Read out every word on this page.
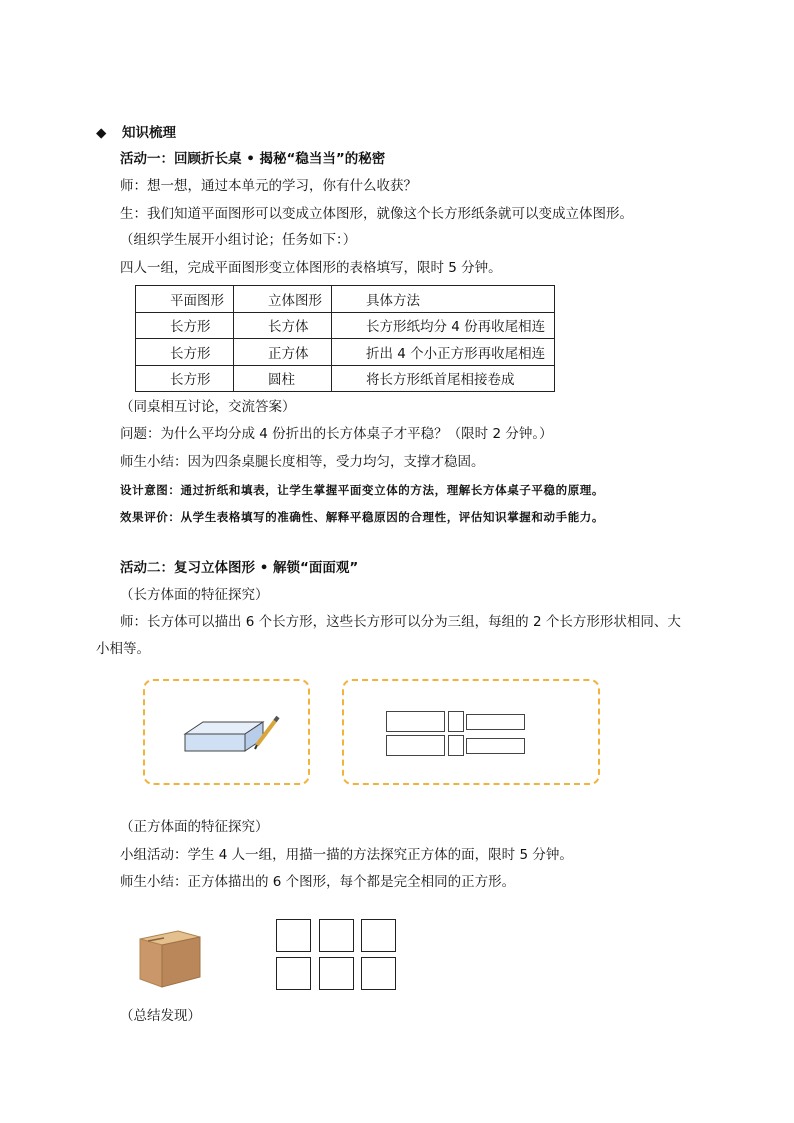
◆ 知识梳理
活动一：回顾折长桌 • 揭秘“稳当当”的秘密
师：想一想，通过本单元的学习，你有什么收获？
生：我们知道平面图形可以变成立体图形，就像这个长方形纸条就可以变成立体图形。
（组织学生展开小组讨论；任务如下：）
四人一组，完成平面图形变立体图形的表格填写，限时 5 分钟。
平面图形	立体图形	具体方法
长方形	长方体	长方形纸均分 4 份再收尾相连
长方形	正方体	折出 4 个小正方形再收尾相连
长方形	圆柱	将长方形纸首尾相接卷成
（同桌相互讨论，交流答案）
问题：为什么平均分成 4 份折出的长方体桌子才平稳？（限时 2 分钟。）
师生小结：因为四条桌腿长度相等，受力均匀，支撑才稳固。
设计意图：通过折纸和填表，让学生掌握平面变立体的方法，理解长方体桌子平稳的原理。
效果评价：从学生表格填写的准确性、解释平稳原因的合理性，评估知识掌握和动手能力。
活动二：复习立体图形 • 解锁“面面观”
（长方体面的特征探究）
师：长方体可以描出 6 个长方形，这些长方形可以分为三组，每组的 2 个长方形形状相同、大
小相等。
（正方体面的特征探究）
小组活动：学生 4 人一组，用描一描的方法探究正方体的面，限时 5 分钟。
师生小结：正方体描出的 6 个图形，每个都是完全相同的正方形。
（总结发现）
